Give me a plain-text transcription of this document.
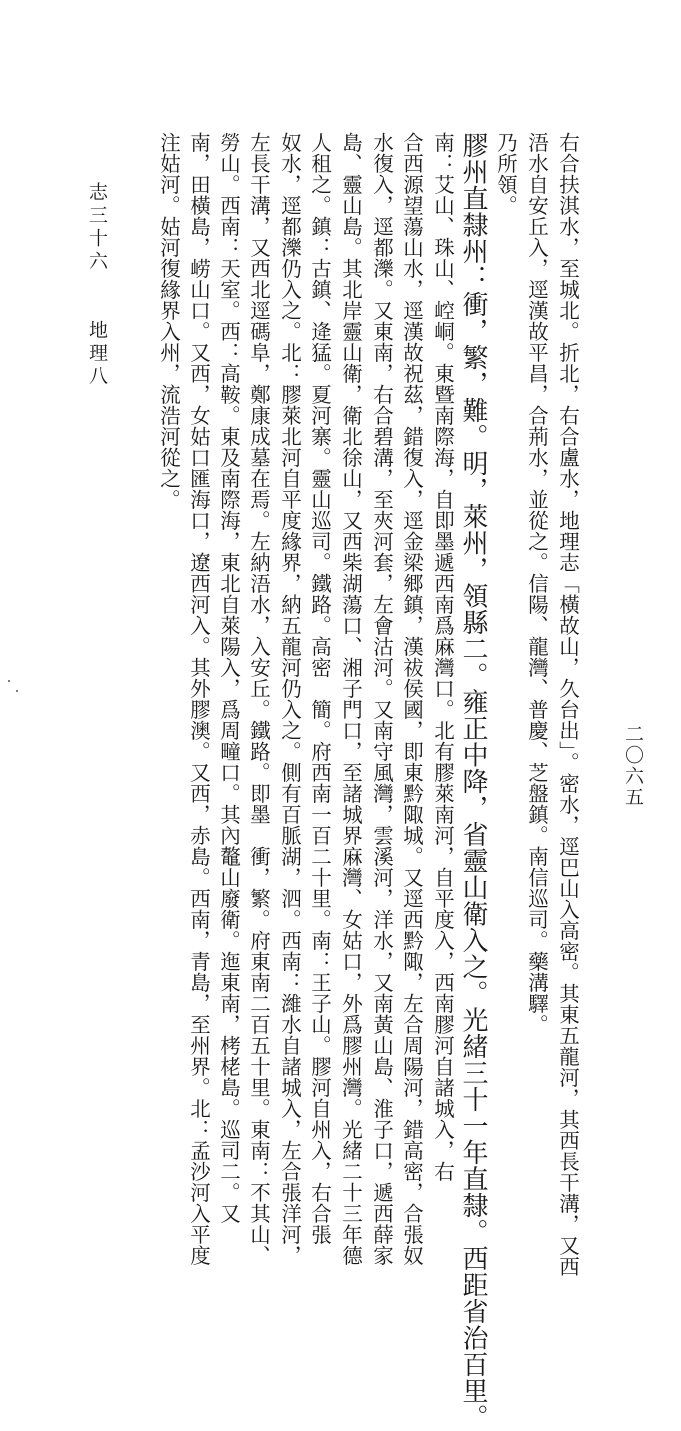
右合扶淇水，至城北。折北，右合盧水，地理志「橫故山，久台出」。密水，逕巴山入高密。其東五龍河，其西長干溝，又西
浯水自安丘入，逕漢故平昌，合荊水，並從之。信陽、龍灣、普慶、芝盤鎮。南信巡司。藥溝驛。
乃所領。
膠州直隸州：衝，繁，難。明，萊州，領縣二。雍正中降，省靈山衛入之。光緒三十一年直隸。西距省治百里。
南：艾山、珠山、崆峒。東暨南際海，自即墨遞西南爲麻灣口。北有膠萊南河，自平度入，西南膠河自諸城入，右
合西源望蕩山水，逕漢故祝茲，錯復入，逕金梁郷鎮，漢祓侯國，即東黔陬城。又逕西黔陬，左合周陽河，錯高密，合張奴
水復入，逕都濼。又東南，右合碧溝，至夾河套，左會沽河。又南守風灣，雲溪河，洋水，又南黃山島、淮子口，遞西薛家
島、靈山島。其北岸靈山衛，衛北徐山，又西柴湖蕩口、湘子門口，至諸城界麻灣、女姑口，外爲膠州灣。光緒二十三年德
人租之。鎮：古鎮、逄猛。夏河寨。靈山巡司。鐵路。高密　簡。府西南一百二十里。南：王子山。膠河自州入，右合張
奴水，逕都濼仍入之。北：膠萊北河自平度緣界，納五龍河仍入之。側有百脈湖，泗。西南：濰水自諸城入，左合張洋河，
左長干溝，又西北逕碼阜，鄭康成墓在焉。左納浯水，入安丘。鐵路。即墨　衝，繁。府東南二百五十里。東南：不其山、
勞山。西南：天室。西：高鞍。東及南際海，東北自萊陽入，爲周疃口。其內鼇山廢衛。迤東南，栲栳島。巡司二。又
南，田橫島，崂山口。又西，女姑口匯海口，遼西河入。其外膠澳。又西，赤島。西南，青島，至州界。北：孟沙河入平度
注姑河。姑河復緣界入州，流浩河從之。
志三十六　　地理八
二〇六五
